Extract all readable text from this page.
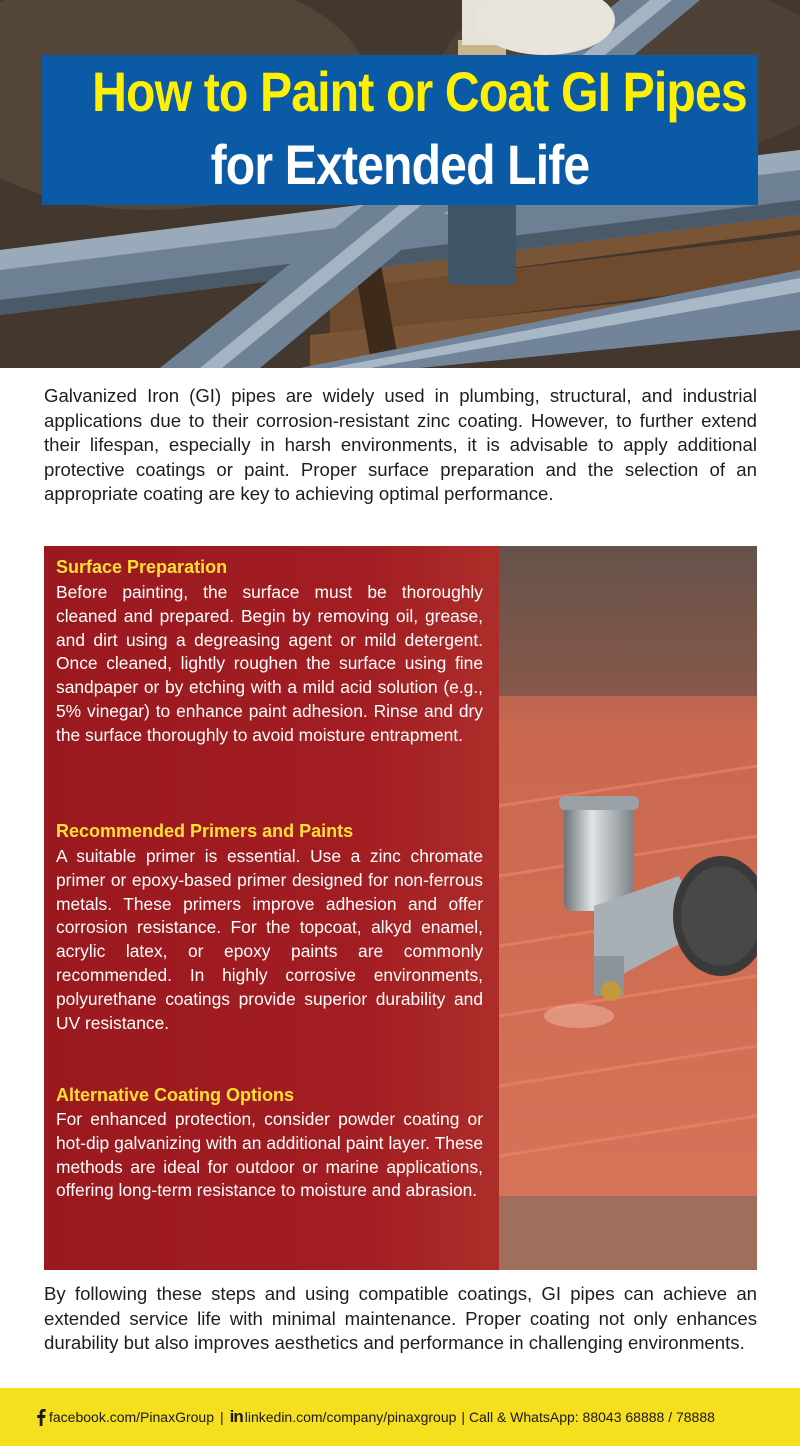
How to Paint or Coat GI Pipes
for Extended Life

Galvanized Iron (GI) pipes are widely used in plumbing, structural, and industrial applications due to their corrosion-resistant zinc coating. However, to further extend their lifespan, especially in harsh environments, it is advisable to apply additional protective coatings or paint. Proper surface preparation and the selection of an appropriate coating are key to achieving optimal performance.

Surface Preparation

Before painting, the surface must be thoroughly cleaned and prepared. Begin by removing oil, grease, and dirt using a degreasing agent or mild detergent. Once cleaned, lightly roughen the surface using fine sandpaper or by etching with a mild acid solution (e.g., 5% vinegar) to enhance paint adhesion. Rinse and dry the surface thoroughly to avoid moisture entrapment.

Recommended Primers and Paints

A suitable primer is essential. Use a zinc chromate primer or epoxy-based primer designed for non-ferrous metals. These primers improve adhesion and offer corrosion resistance. For the topcoat, alkyd enamel, acrylic latex, or epoxy paints are commonly recommended. In highly corrosive environments, polyurethane coatings provide superior durability and UV resistance.

Alternative Coating Options

For enhanced protection, consider powder coating or hot-dip galvanizing with an additional paint layer. These methods are ideal for outdoor or marine applications, offering long-term resistance to moisture and abrasion.

By following these steps and using compatible coatings, GI pipes can achieve an extended service life with minimal maintenance. Proper coating not only enhances durability but also improves aesthetics and performance in challenging environments.

facebook.com/PinaxGroup | in linkedin.com/company/pinaxgroup | Call & WhatsApp: 88043 68888 / 78888
